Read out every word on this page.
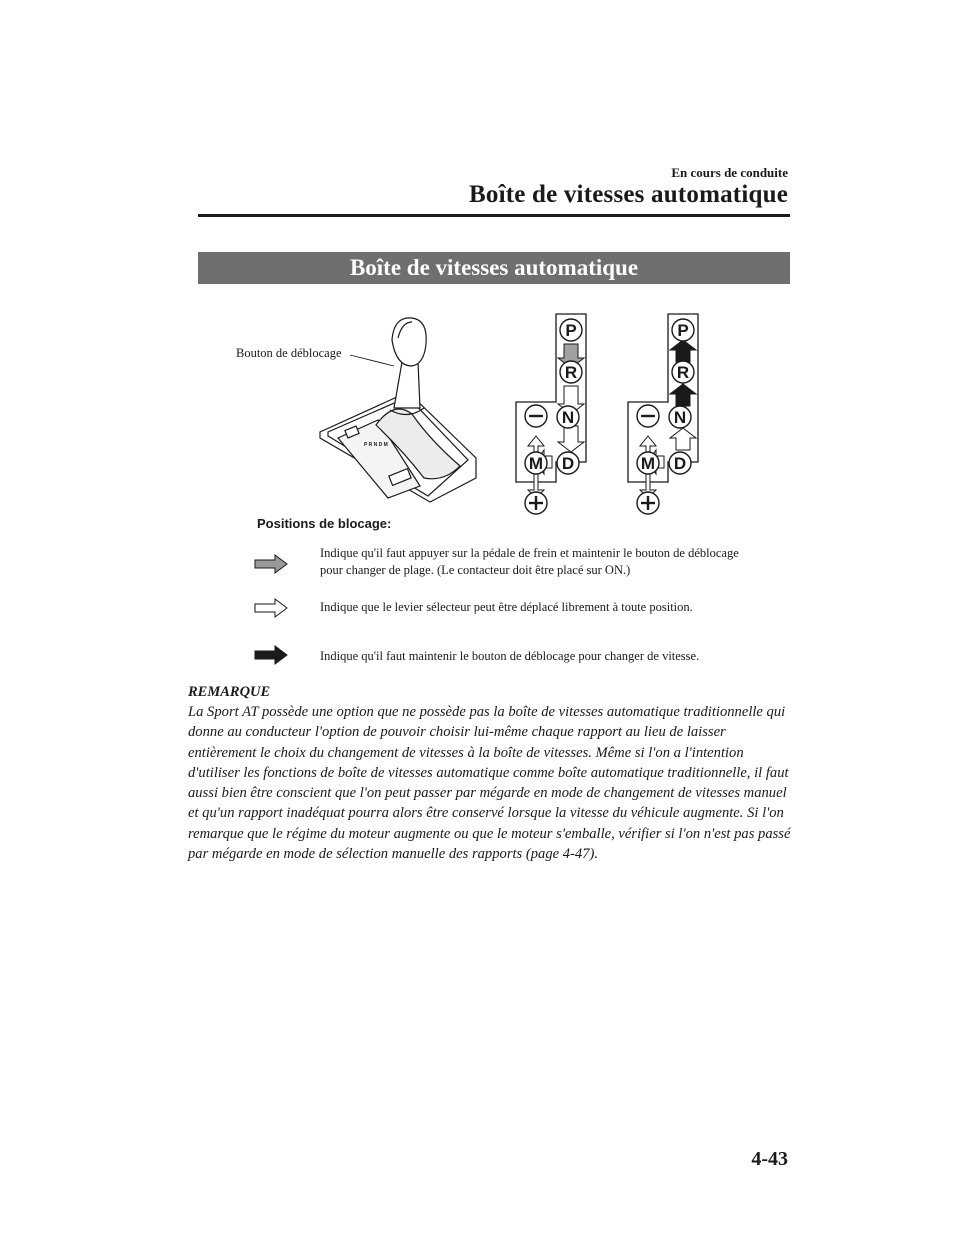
En cours de conduite
Boîte de vitesses automatique
Boîte de vitesses automatique
P R N D M
Bouton de déblocage
P
R
N
D
M
P
R
N
D
M
Positions de blocage:
Indique qu'il faut appuyer sur la pédale de frein et maintenir le bouton de déblocage pour changer de plage. (Le contacteur doit être placé sur ON.)
Indique que le levier sélecteur peut être déplacé librement à toute position.
Indique qu'il faut maintenir le bouton de déblocage pour changer de vitesse.
REMARQUE
La Sport AT possède une option que ne possède pas la boîte de vitesses automatique traditionnelle qui donne au conducteur l'option de pouvoir choisir lui-même chaque rapport au lieu de laisser entièrement le choix du changement de vitesses à la boîte de vitesses. Même si l'on a l'intention d'utiliser les fonctions de boîte de vitesses automatique comme boîte automatique traditionnelle, il faut aussi bien être conscient que l'on peut passer par mégarde en mode de changement de vitesses manuel et qu'un rapport inadéquat pourra alors être conservé lorsque la vitesse du véhicule augmente. Si l'on remarque que le régime du moteur augmente ou que le moteur s'emballe, vérifier si l'on n'est pas passé par mégarde en mode de sélection manuelle des rapports (page 4-47).
4-43
